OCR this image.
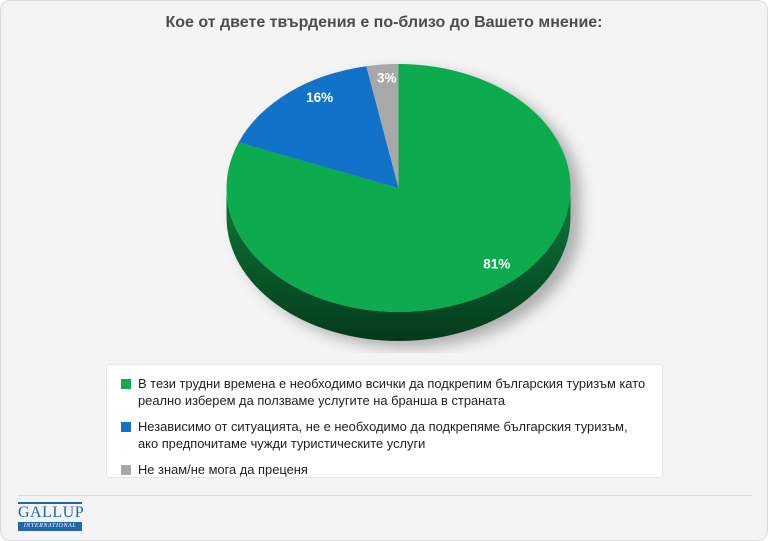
Кое от двете твърдения е по-близо до Вашето мнение:
81%
16%
3%
В тези трудни времена е необходимо всички да подкрепим българския туризъм като реално изберем да ползваме услугите на бранша в страната
Независимо от ситуацията, не е необходимо да подкрепяме българския туризъм, ако предпочитаме чужди туристическите услуги
Не знам/не мога да преценя
GALLUP
INTERNATIONAL
